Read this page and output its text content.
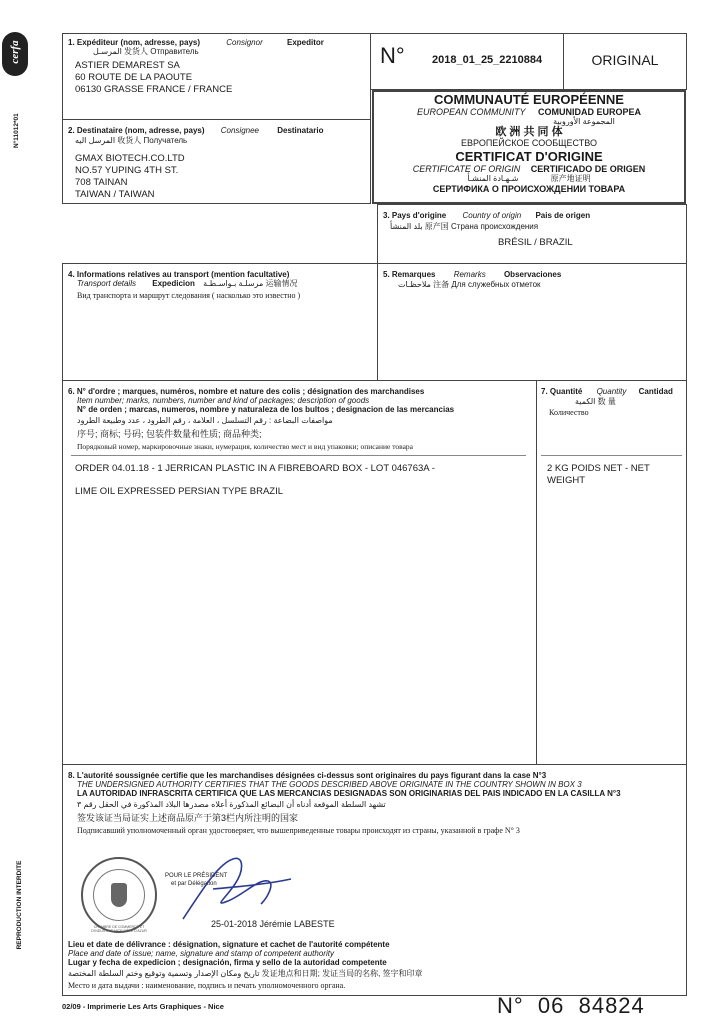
cerfa
N°11012*01
REPRODUCTION INTERDITE
1. Expéditeur (nom, adresse, pays)	Consignor	Expeditor
المرسـل 发货人 Отправитель
ASTIER DEMAREST SA
60 ROUTE DE LA PAOUTE
06130 GRASSE FRANCE / FRANCE
2. Destinataire (nom, adresse, pays) Consignee Destinatario
المرسل اليه 收货人 Получатель
GMAX BIOTECH.CO.LTD
NO.57 YUPING 4TH ST.
708 TAINAN
TAIWAN / TAIWAN
N° 2018_01_25_2210884	ORIGINAL
COMMUNAUTÉ EUROPÉENNE
EUROPEAN COMMUNITY COMUNIDAD EUROPEA
المجموعة الأوروبية
欧 洲 共 同 体
ЕВРОПЕЙСКОЕ СООБЩЕСТВО
CERTIFICAT D'ORIGINE
CERTIFICATE OF ORIGIN CERTIFICADO DE ORIGEN
شـهـادة المنشـأ	原产地证明
СЕРТИФИКА О ПРОИСХОЖДЕНИИ ТОВАРА
3. Pays d'origine Country of origin Pais de origen
بلد المنشأ 原产国 Страна происхождения
BRÉSIL / BRAZIL
4. Informations relatives au transport (mention facultative)
Transport details Expedicion مرسلـة بـواسـطـة 运输情况
Вид транспорта и маршрут следования ( насколько это известно )
5. Remarques Remarks Observaciones
ملاحظـات 注备 Для служебных отметок
6. N° d'ordre ; marques, numéros, nombre et nature des colis ; désignation des marchandises
Item number; marks, numbers, number and kind of packages; description of goods
N° de orden ; marcas, numeros, nombre y naturaleza de los bultos ; designacion de las mercancias
مواصفات البضاعة : رقم التسلسل ، العلامة ، رقم الطرود ، عدد وطبيعة الطرود
序号; 商标; 号码; 包装件数量和性质; 商品种类;
Порядковый номер, маркировочные знаки, нумерация, количество мест и вид упаковки; описание товара
ORDER 04.01.18 - 1 JERRICAN PLASTIC IN A FIBREBOARD BOX - LOT 046763A -
LIME OIL EXPRESSED PERSIAN TYPE BRAZIL
7. Quantité Quantity Cantidad
الكمية 数 量
Количество
2 KG POIDS NET - NET
WEIGHT
8. L'autorité soussignée certifie que les marchandises désignées ci-dessus sont originaires du pays figurant dans la case N°3
THE UNDERSIGNED AUTHORITY CERTIFIES THAT THE GOODS DESCRIBED ABOVE ORIGINATE IN THE COUNTRY SHOWN IN BOX 3
LA AUTORIDAD INFRASCRITA CERTIFICA QUE LAS MERCANCIAS DESIGNADAS SON ORIGINARIAS DEL PAIS INDICADO EN LA CASILLA N°3
تشهد السلطة الموقعة أدناه أن البضائع المذكورة أعلاه مصدرها البلاد المذكورة في الحقل رقم ٣
签发该证当局证实上述商品原产于第3栏内所注明的国家
Подписавший уполномоченный орган удостоверяет, что вышеприведенные товары происходят из страны, указанной в графе N° 3
CHAMBRE DE COMMERCE ET D'INDUSTRIE NICE CÔTE D'AZUR
POUR LE PRÉSIDENT
et par Délégation
25-01-2018 Jérémie LABESTE
Lieu et date de délivrance : désignation, signature et cachet de l'autorité compétente
Place and date of issue; name, signature and stamp of competent authority
Lugar y fecha de expedicion ; designación, firma y sello de la autoridad competente
تاريخ ومكان الإصدار وتسمية وتوقيع وختم السلطة المختصة 发证地点和日期; 发证当局的名称, 签字和印章
Место и дата выдачи : наименование, подпись и печать уполномоченного органа.
02/09 - Imprimerie Les Arts Graphiques - Nice	N°  06  84824
